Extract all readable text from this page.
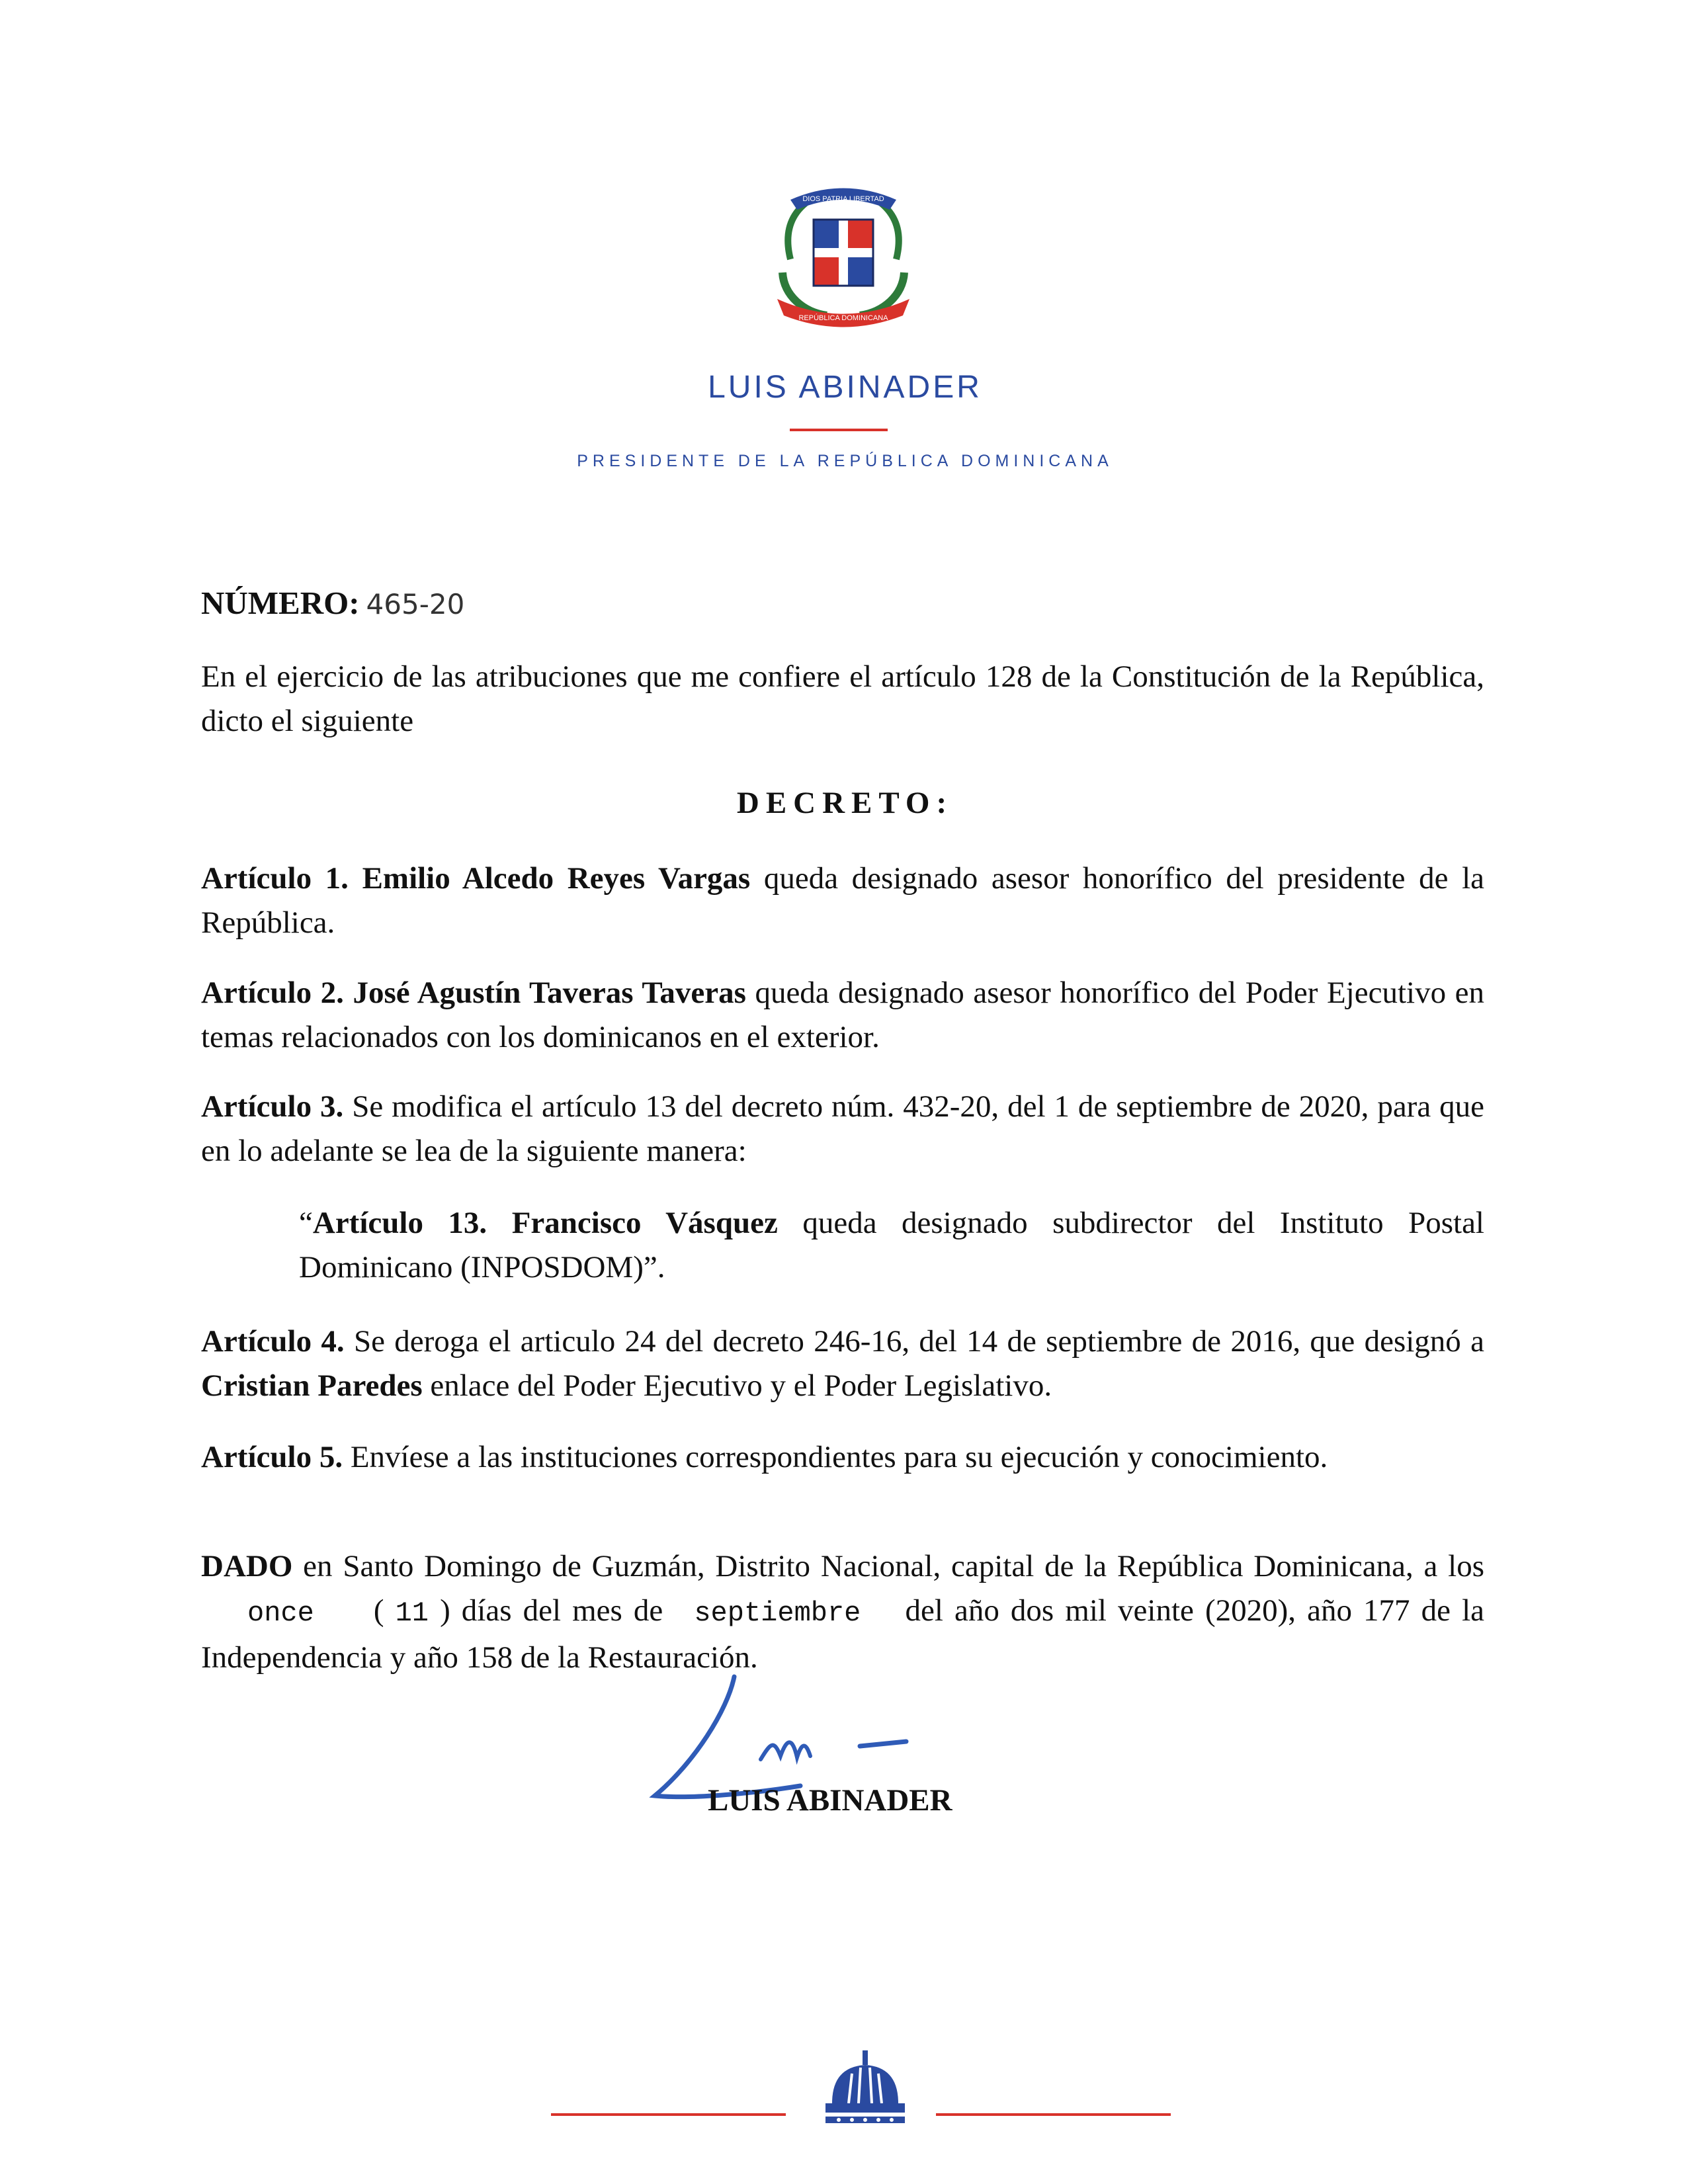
DIOS PATRIA LIBERTAD
REPÚBLICA DOMINICANA
LUIS ABINADER
PRESIDENTE DE LA REPÚBLICA DOMINICANA
NÚMERO: 465-20
En el ejercicio de las atribuciones que me confiere el artículo 128 de la Constitución de la República, dicto el siguiente
DECRETO:
Artículo 1. Emilio Alcedo Reyes Vargas queda designado asesor honorífico del presidente de la República.
Artículo 2. José Agustín Taveras Taveras queda designado asesor honorífico del Poder Ejecutivo en temas relacionados con los dominicanos en el exterior.
Artículo 3. Se modifica el artículo 13 del decreto núm. 432-20, del 1 de septiembre de 2020, para que en lo adelante se lea de la siguiente manera:
“Artículo 13. Francisco Vásquez queda designado subdirector del Instituto Postal Dominicano (INPOSDOM)”.
Artículo 4. Se deroga el articulo 24 del decreto 246-16, del 14 de septiembre de 2016, que designó a Cristian Paredes enlace del Poder Ejecutivo y el Poder Legislativo.
Artículo 5. Envíese a las instituciones correspondientes para su ejecución y conocimiento.
DADO en Santo Domingo de Guzmán, Distrito Nacional, capital de la República Dominicana, a los once ( 11 ) días del mes de septiembre del año dos mil veinte (2020), año 177 de la Independencia y año 158 de la Restauración.
LUIS ABINADER
